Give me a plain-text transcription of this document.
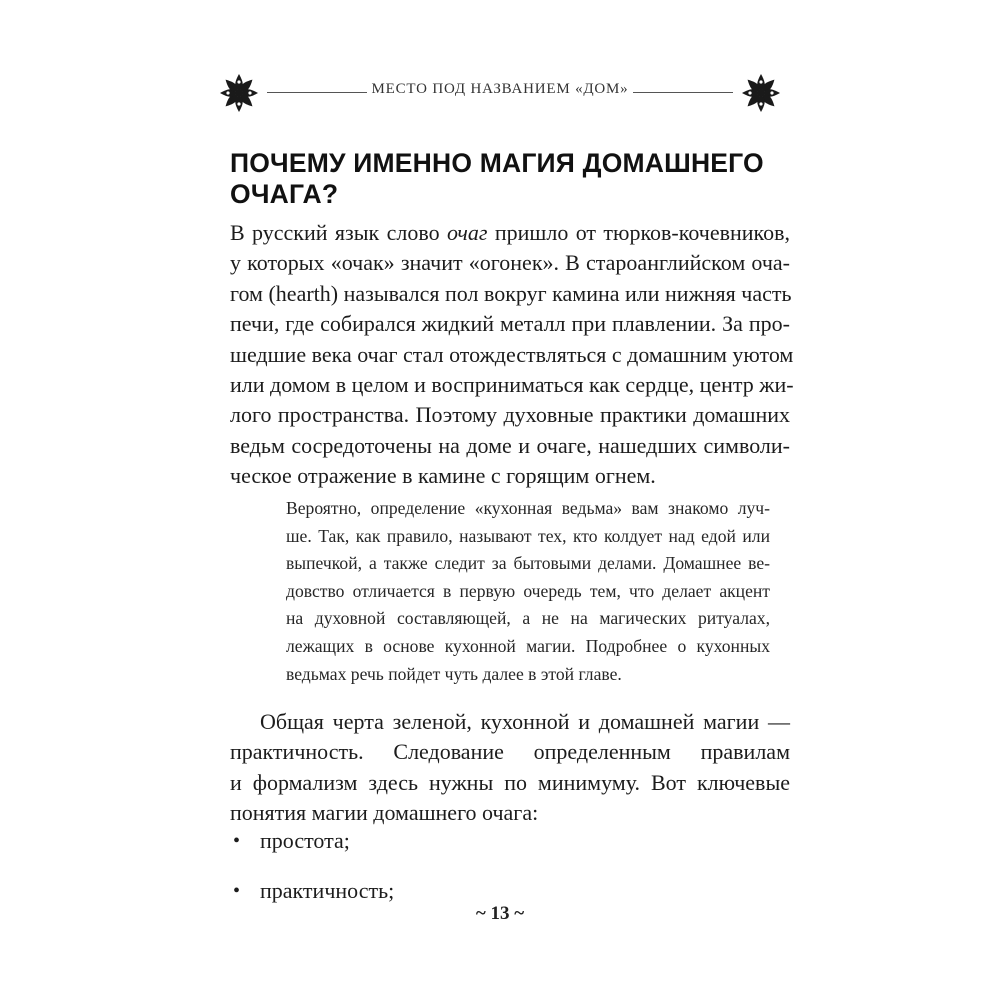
МЕСТО ПОД НАЗВАНИЕМ «ДОМ»
ПОЧЕМУ ИМЕННО МАГИЯ ДОМАШНЕГО
ОЧАГА?
В русский язык слово очаг пришло от тюрков-кочевников,
у которых «очак» значит «огонек». В староанглийском оча-
гом (hearth) назывался пол вокруг камина или нижняя часть
печи, где собирался жидкий металл при плавлении. За про-
шедшие века очаг стал отождествляться с домашним уютом
или домом в целом и восприниматься как сердце, центр жи-
лого пространства. Поэтому духовные практики домашних
ведьм сосредоточены на доме и очаге, нашедших символи-
ческое отражение в камине с горящим огнем.
Вероятно, определение «кухонная ведьма» вам знакомо луч-
ше. Так, как правило, называют тех, кто колдует над едой или
выпечкой, а также следит за бытовыми делами. Домашнее ве-
довство отличается в первую очередь тем, что делает акцент
на духовной составляющей, а не на магических ритуалах,
лежащих в основе кухонной магии. Подробнее о кухонных
ведьмах речь пойдет чуть далее в этой главе.
Общая черта зеленой, кухонной и домашней магии —
практичность. Следование определенным правилам
и формализм здесь нужны по минимуму. Вот ключевые
понятия магии домашнего очага:
• простота;
• практичность;
~ 13 ~
